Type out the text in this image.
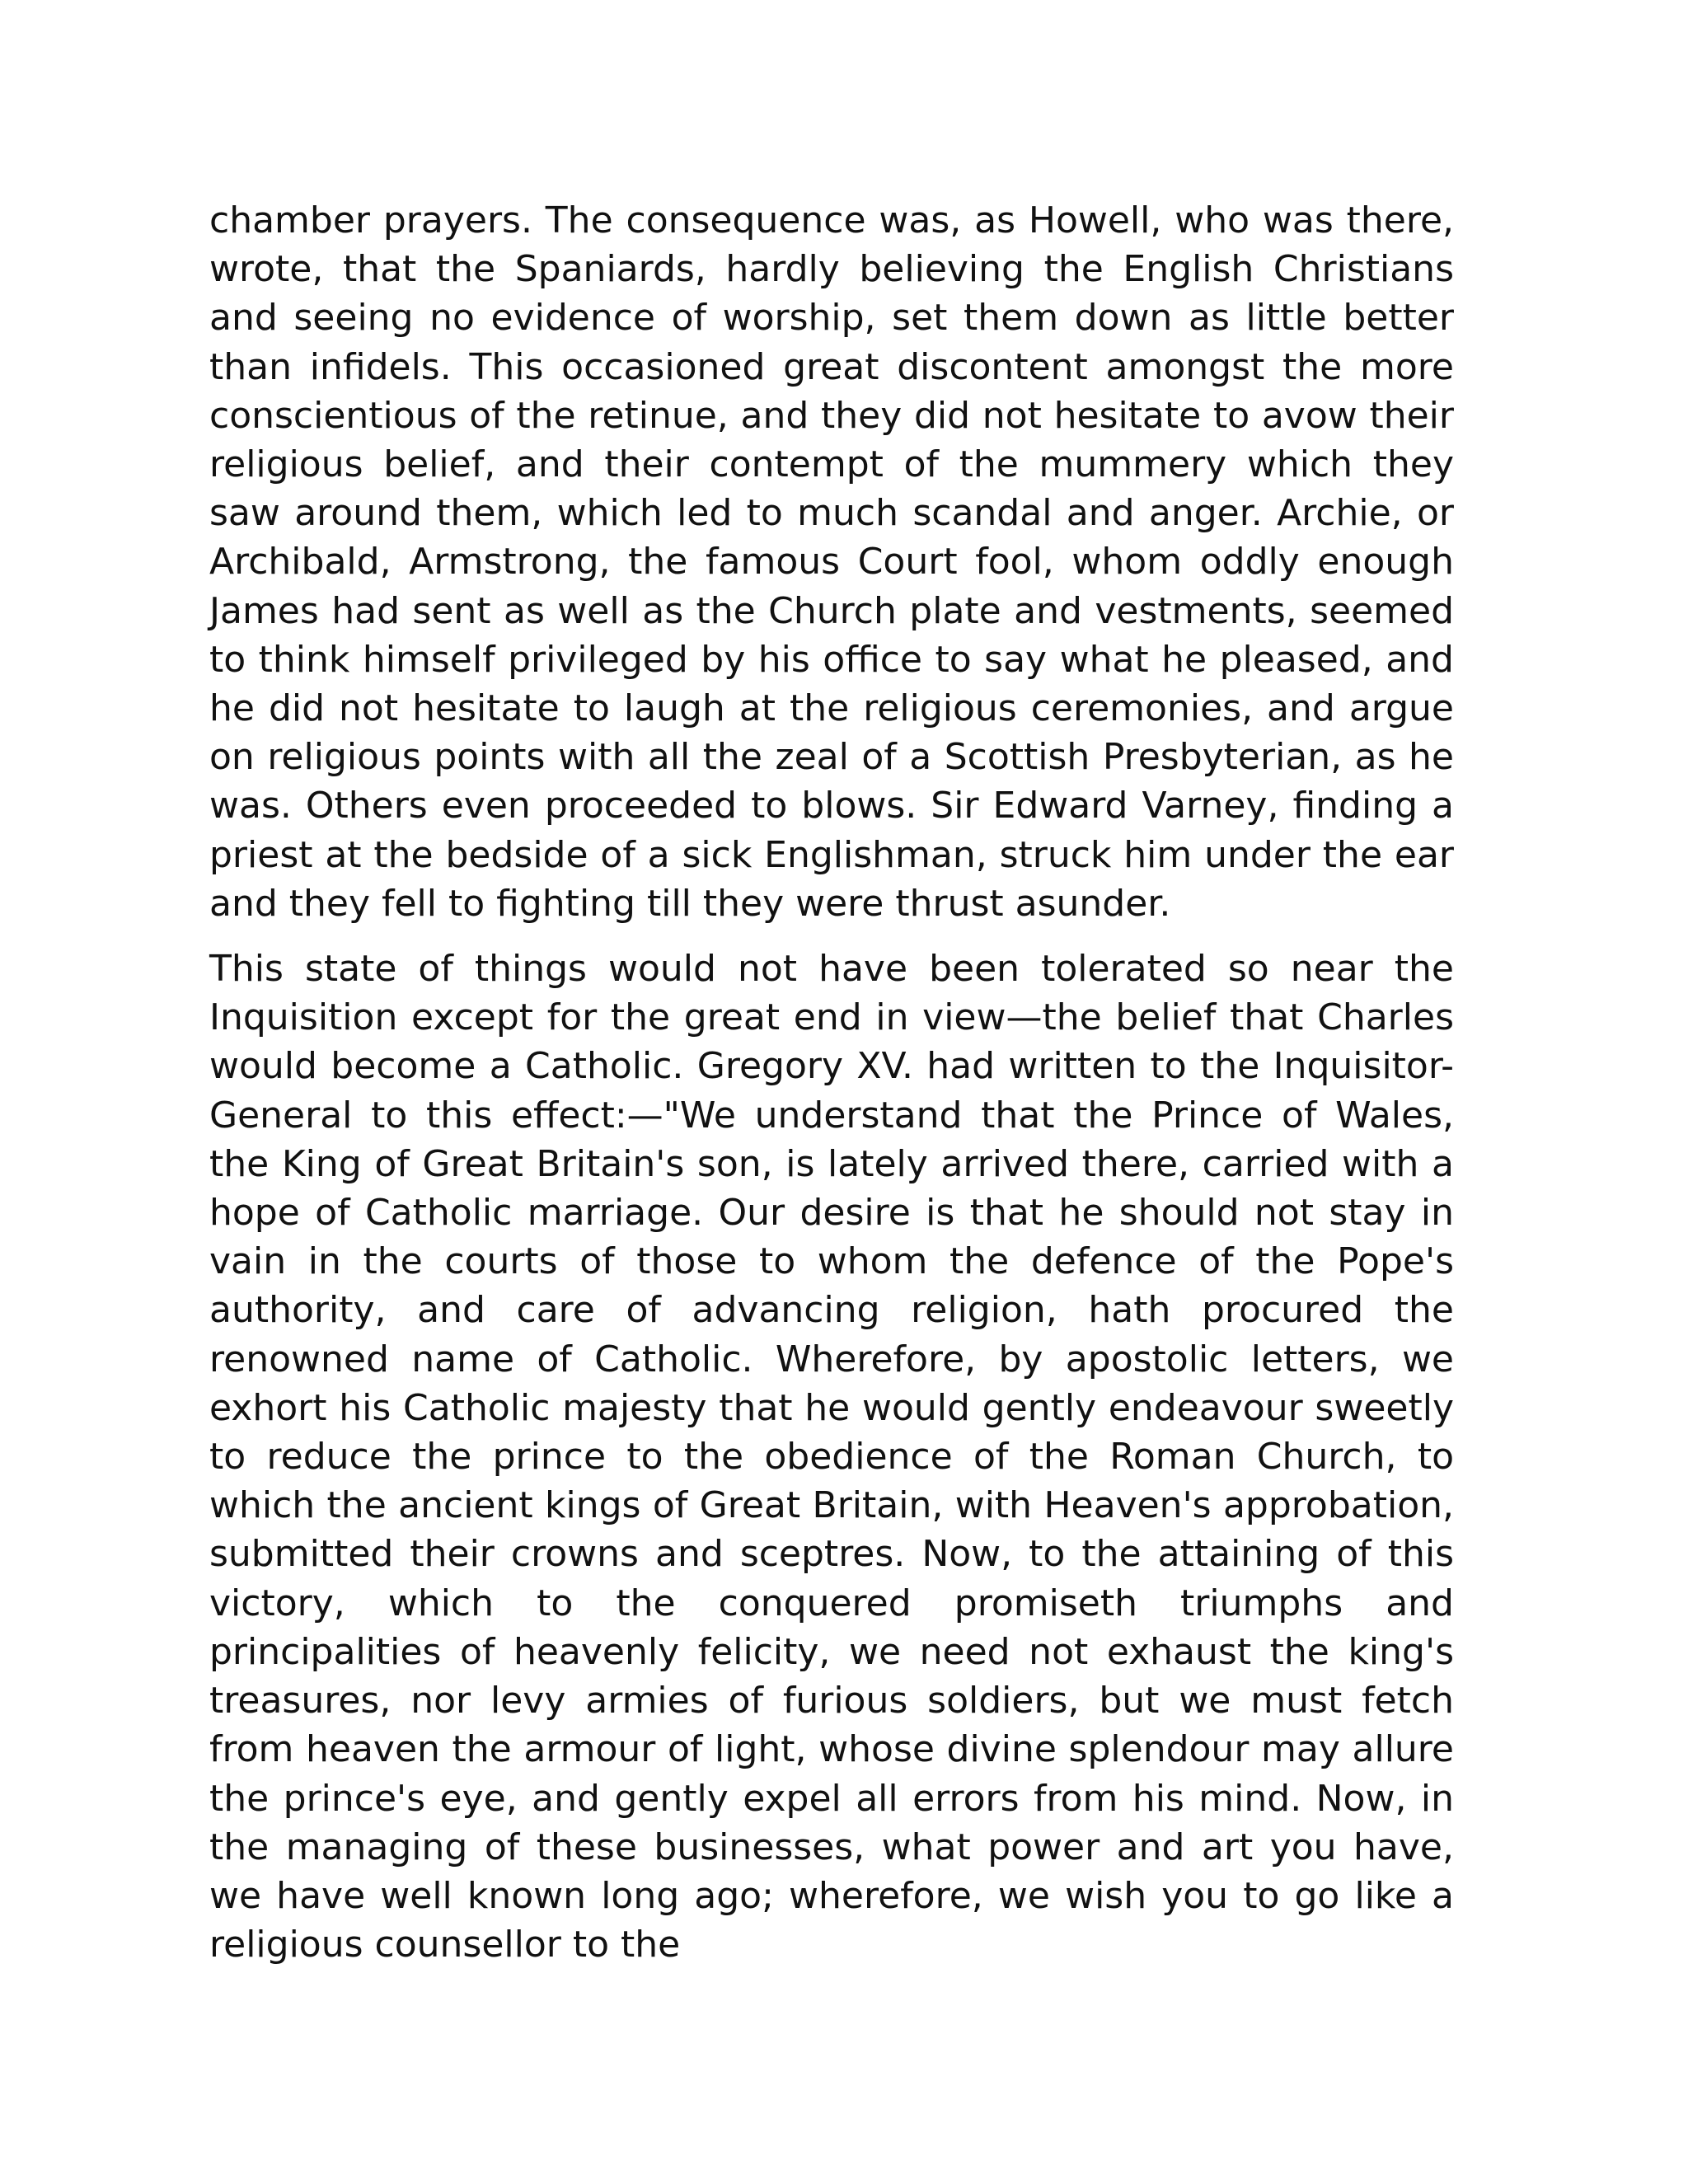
chamber prayers. The consequence was, as Howell, who was there, wrote, that the Spaniards, hardly believing the English Christians and seeing no evidence of worship, set them down as little better than infidels. This occasioned great discontent amongst the more conscientious of the retinue, and they did not hesitate to avow their religious belief, and their contempt of the mummery which they saw around them, which led to much scandal and anger. Archie, or Archibald, Armstrong, the famous Court fool, whom oddly enough James had sent as well as the Church plate and vestments, seemed to think himself privileged by his office to say what he pleased, and he did not hesitate to laugh at the religious ceremonies, and argue on religious points with all the zeal of a Scottish Presbyterian, as he was. Others even proceeded to blows. Sir Edward Varney, finding a priest at the bedside of a sick Englishman, struck him under the ear and they fell to fighting till they were thrust asunder.

This state of things would not have been tolerated so near the Inquisition except for the great end in view—the belief that Charles would become a Catholic. Gregory XV. had written to the Inquisitor-General to this effect:—"We understand that the Prince of Wales, the King of Great Britain's son, is lately arrived there, carried with a hope of Catholic marriage. Our desire is that he should not stay in vain in the courts of those to whom the defence of the Pope's authority, and care of advancing religion, hath procured the renowned name of Catholic. Wherefore, by apostolic letters, we exhort his Catholic majesty that he would gently endeavour sweetly to reduce the prince to the obedience of the Roman Church, to which the ancient kings of Great Britain, with Heaven's approbation, submitted their crowns and sceptres. Now, to the attaining of this victory, which to the conquered promiseth triumphs and principalities of heavenly felicity, we need not exhaust the king's treasures, nor levy armies of furious soldiers, but we must fetch from heaven the armour of light, whose divine splendour may allure the prince's eye, and gently expel all errors from his mind. Now, in the managing of these businesses, what power and art you have, we have well known long ago; wherefore, we wish you to go like a religious counsellor to the
